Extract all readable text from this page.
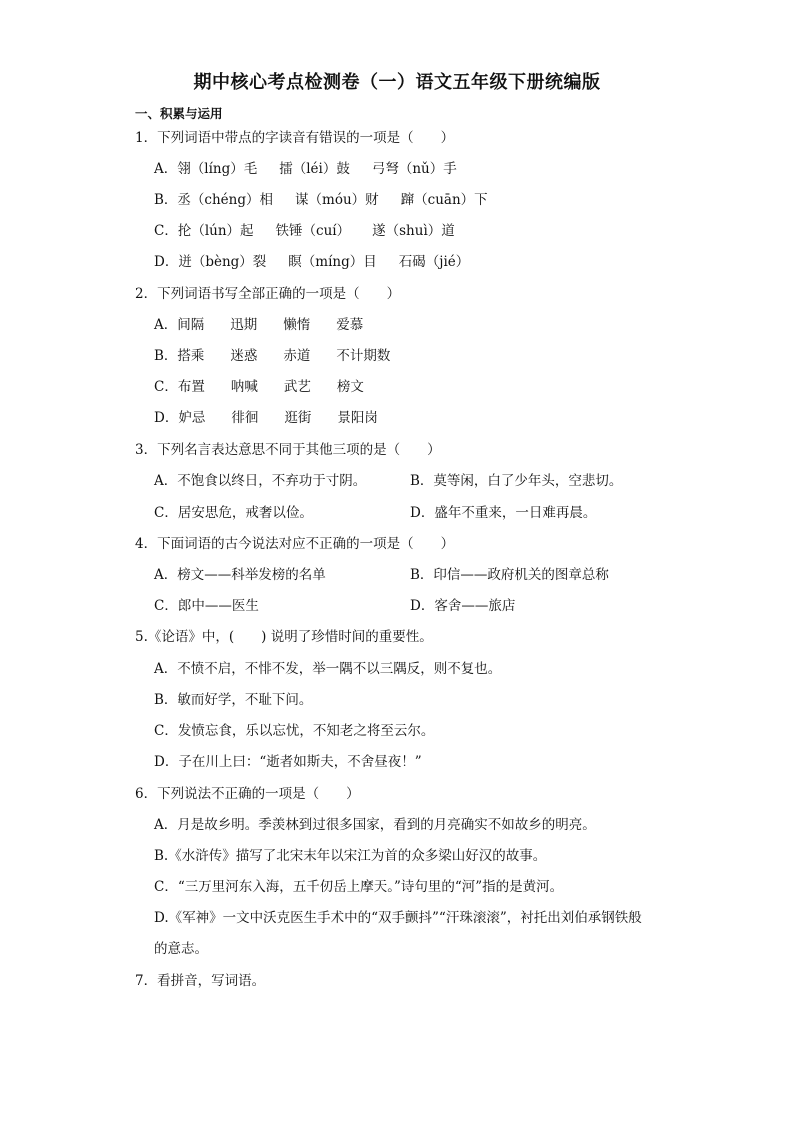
期中核心考点检测卷（一）语文五年级下册统编版
一、积累与运用
1．下列词语中带点的字读音有错误的一项是（　　）
A．翎（líng）毛 擂（léi）鼓 弓弩（nǔ）手
B．丞（chéng）相 谋（móu）财 蹿（cuān）下
C．抡（lún）起 铁锤（cuí） 遂（shuì）道
D．迸（bèng）裂 瞑（míng）目 石碣（jié）
2．下列词语书写全部正确的一项是（　　）
A．间隔 迅期 懒惰 爱慕
B．搭乘 迷惑 赤道 不计期数
C．布置 呐喊 武艺 榜文
D．妒忌 徘徊 逛街 景阳岗
3．下列名言表达意思不同于其他三项的是（　　）
A．不饱食以终日，不弃功于寸阴。	B．莫等闲，白了少年头，空悲切。
C．居安思危，戒奢以俭。	D．盛年不重来，一日难再晨。
4．下面词语的古今说法对应不正确的一项是（　　）
A．榜文——科举发榜的名单	B．印信——政府机关的图章总称
C．郎中——医生	D．客舍——旅店
5.《论语》中，(　　) 说明了珍惜时间的重要性。
A．不愤不启，不悱不发，举一隅不以三隅反，则不复也。
B．敏而好学，不耻下问。
C．发愤忘食，乐以忘忧，不知老之将至云尔。
D．子在川上曰：“逝者如斯夫，不舍昼夜！”
6．下列说法不正确的一项是（　　）
A．月是故乡明。季羡林到过很多国家，看到的月亮确实不如故乡的明亮。
B.《水浒传》描写了北宋末年以宋江为首的众多梁山好汉的故事。
C．“三万里河东入海，五千仞岳上摩天。”诗句里的“河”指的是黄河。
D.《军神》一文中沃克医生手术中的“双手颤抖”“汗珠滚滚”，衬托出刘伯承钢铁般
的意志。
7．看拼音，写词语。
